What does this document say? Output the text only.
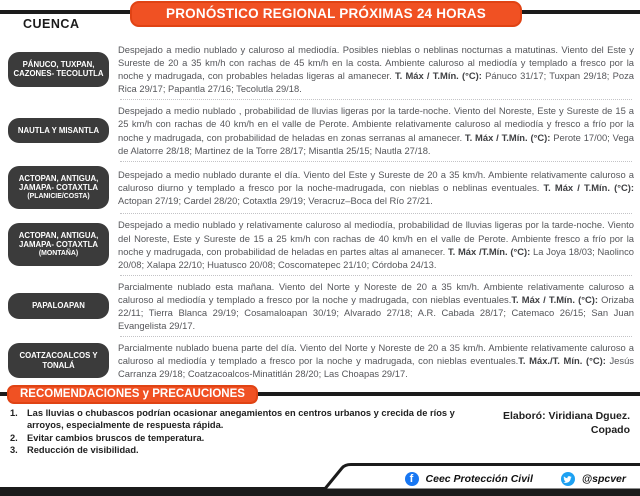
PRONÓSTICO REGIONAL PRÓXIMAS 24 HORAS
CUENCA
PÁNUCO, TUXPAN, CAZONES- TECOLUTLA
Despejado a medio nublado y caluroso al mediodía. Posibles nieblas o neblinas nocturnas a matutinas. Viento del Este y Sureste de 20 a 35 km/h con rachas de 45 km/h en la costa. Ambiente caluroso al mediodía y templado a fresco por la noche y madrugada, con probables heladas ligeras al amanecer. T. Máx / T.Mín. (°C): Pánuco 31/17; Tuxpan 29/18; Poza Rica 29/17; Papantla 27/16; Tecolutla 29/18.
NAUTLA Y MISANTLA
Despejado a medio nublado , probabilidad de lluvias ligeras por la tarde-noche. Viento del Noreste, Este y Sureste de 15 a 25 km/h con rachas de 40 km/h en el valle de Perote. Ambiente relativamente caluroso al mediodía y fresco a frío por la noche y madrugada, con probabilidad de heladas en zonas serranas al amanecer. T. Máx / T.Mín. (°C): Perote 17/00; Vega de Alatorre 28/18; Martinez de la Torre 28/17; Misantla 25/15; Nautla 27/18.
ACTOPAN, ANTIGUA, JAMAPA- COTAXTLA
(PLANICIE/COSTA)
Despejado a medio nublado durante el día. Viento del Este y Sureste de 20 a 35 km/h. Ambiente relativamente caluroso a caluroso diurno y templado a fresco por la noche-madrugada, con nieblas o neblinas eventuales. T. Máx / T.Mín. (°C): Actopan 27/19; Cardel 28/20; Cotaxtla 29/19; Veracruz–Boca del Río 27/21.
ACTOPAN, ANTIGUA, JAMAPA- COTAXTLA
(MONTAÑA)
Despejado a medio nublado y relativamente caluroso al mediodía, probabilidad de lluvias ligeras por la tarde-noche. Viento del Noreste, Este y Sureste de 15 a 25 km/h con rachas de 40 km/h en el valle de Perote. Ambiente fresco a frío por la noche y madrugada, con probabilidad de heladas en partes altas al amanecer. T. Máx /T.Mín. (°C): La Joya 18/03; Naolinco 20/08; Xalapa 22/10; Huatusco 20/08; Coscomatepec 21/10; Córdoba 24/13.
PAPALOAPAN
Parcialmente nublado esta mañana. Viento del Norte y Noreste de 20 a 35 km/h. Ambiente relativamente caluroso a caluroso al mediodía y templado a fresco por la noche y madrugada, con nieblas eventuales.T. Máx / T.Mín. (°C): Orizaba 22/11; Tierra Blanca 29/19; Cosamaloapan 30/19; Alvarado 27/18; A.R. Cabada 28/17; Catemaco 26/15; San Juan Evangelista 29/17.
COATZACOALCOS Y TONALÁ
Parcialmente nublado buena parte del día. Viento del Norte y Noreste de 20 a 35 km/h. Ambiente relativamente caluroso a caluroso al mediodía y templado a fresco por la noche y madrugada, con nieblas eventuales.T. Máx./T. Mín. (°C): Jesús Carranza 29/18; Coatzacoalcos-Minatitlán 28/20; Las Choapas 29/17.
RECOMENDACIONES y PRECAUCIONES
1. Las lluvias o chubascos podrían ocasionar anegamientos en centros urbanos y crecida de ríos y arroyos, especialmente de respuesta rápida.
2. Evitar cambios bruscos de temperatura.
3. Reducción de visibilidad.
Elaboró: Viridiana Dguez.
Copado
f	Ceec Protección Civil	@spcver
